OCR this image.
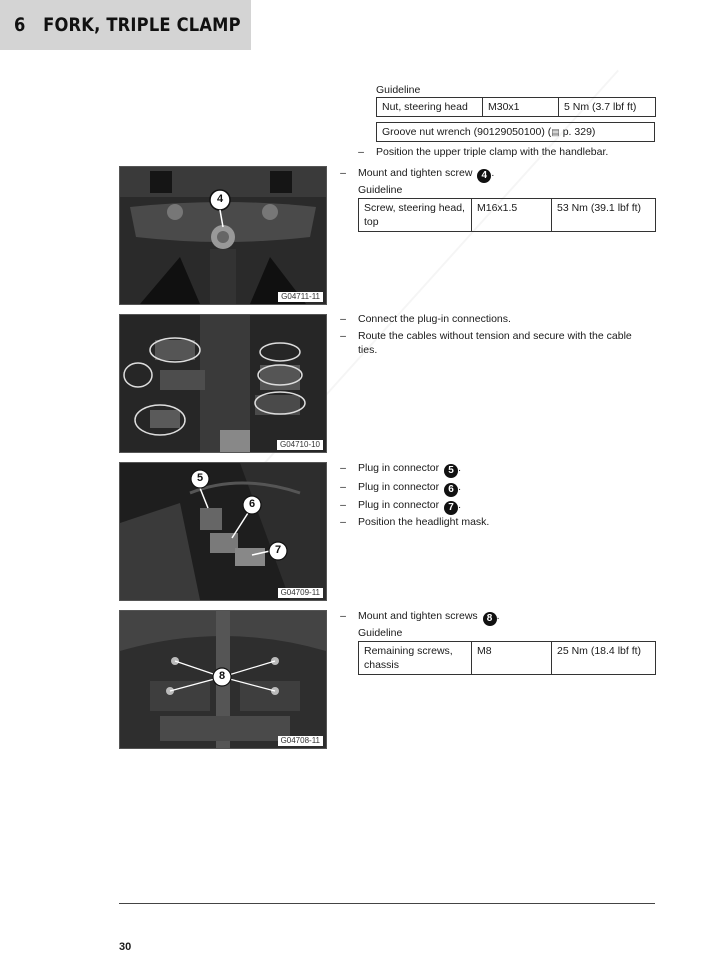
6 FORK, TRIPLE CLAMP
Guideline
Nut, steering head	M30x1	5 Nm (3.7 lbf ft)
Groove nut wrench (90129050100) (▤ p. 329)
– Position the upper triple clamp with the handlebar.
4
G04711-11
– Mount and tighten screw 4 .
Guideline
Screw, steering head, top	M16x1.5	53 Nm (39.1 lbf ft)
G04710-10
– Connect the plug-in connections.
– Route the cables without tension and secure with the cable
ties.
5
6
7
G04709-11
– Plug in connector 5 .
– Plug in connector 6 .
– Plug in connector 7 .
– Position the headlight mask.
8
G04708-11
– Mount and tighten screws 8 .
Guideline
Remaining screws, chassis	M8	25 Nm (18.4 lbf ft)
30
